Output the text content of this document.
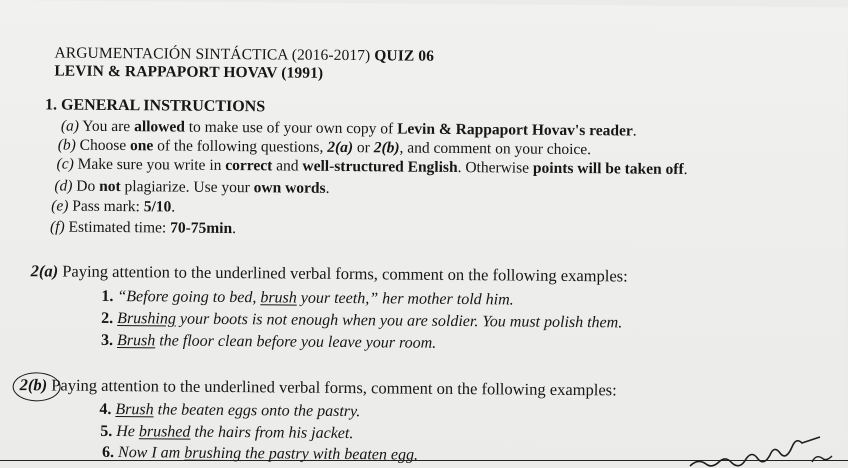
ARGUMENTACIÓN SINTÁCTICA (2016-2017) QUIZ 06
LEVIN & RAPPAPORT HOVAV (1991)
1. GENERAL INSTRUCTIONS
(a) You are allowed to make use of your own copy of Levin & Rappaport Hovav's reader.
(b) Choose one of the following questions, 2(a) or 2(b), and comment on your choice.
(c) Make sure you write in correct and well-structured English. Otherwise points will be taken off.
(d) Do not plagiarize. Use your own words.
(e) Pass mark: 5/10.
(f) Estimated time: 70-75min.
2(a) Paying attention to the underlined verbal forms, comment on the following examples:
1. “Before going to bed, brush your teeth,” her mother told him.
2. Brushing your boots is not enough when you are soldier. You must polish them.
3. Brush the floor clean before you leave your room.
2(b) Paying attention to the underlined verbal forms, comment on the following examples:
4. Brush the beaten eggs onto the pastry.
5. He brushed the hairs from his jacket.
6. Now I am brushing the pastry with beaten egg.
